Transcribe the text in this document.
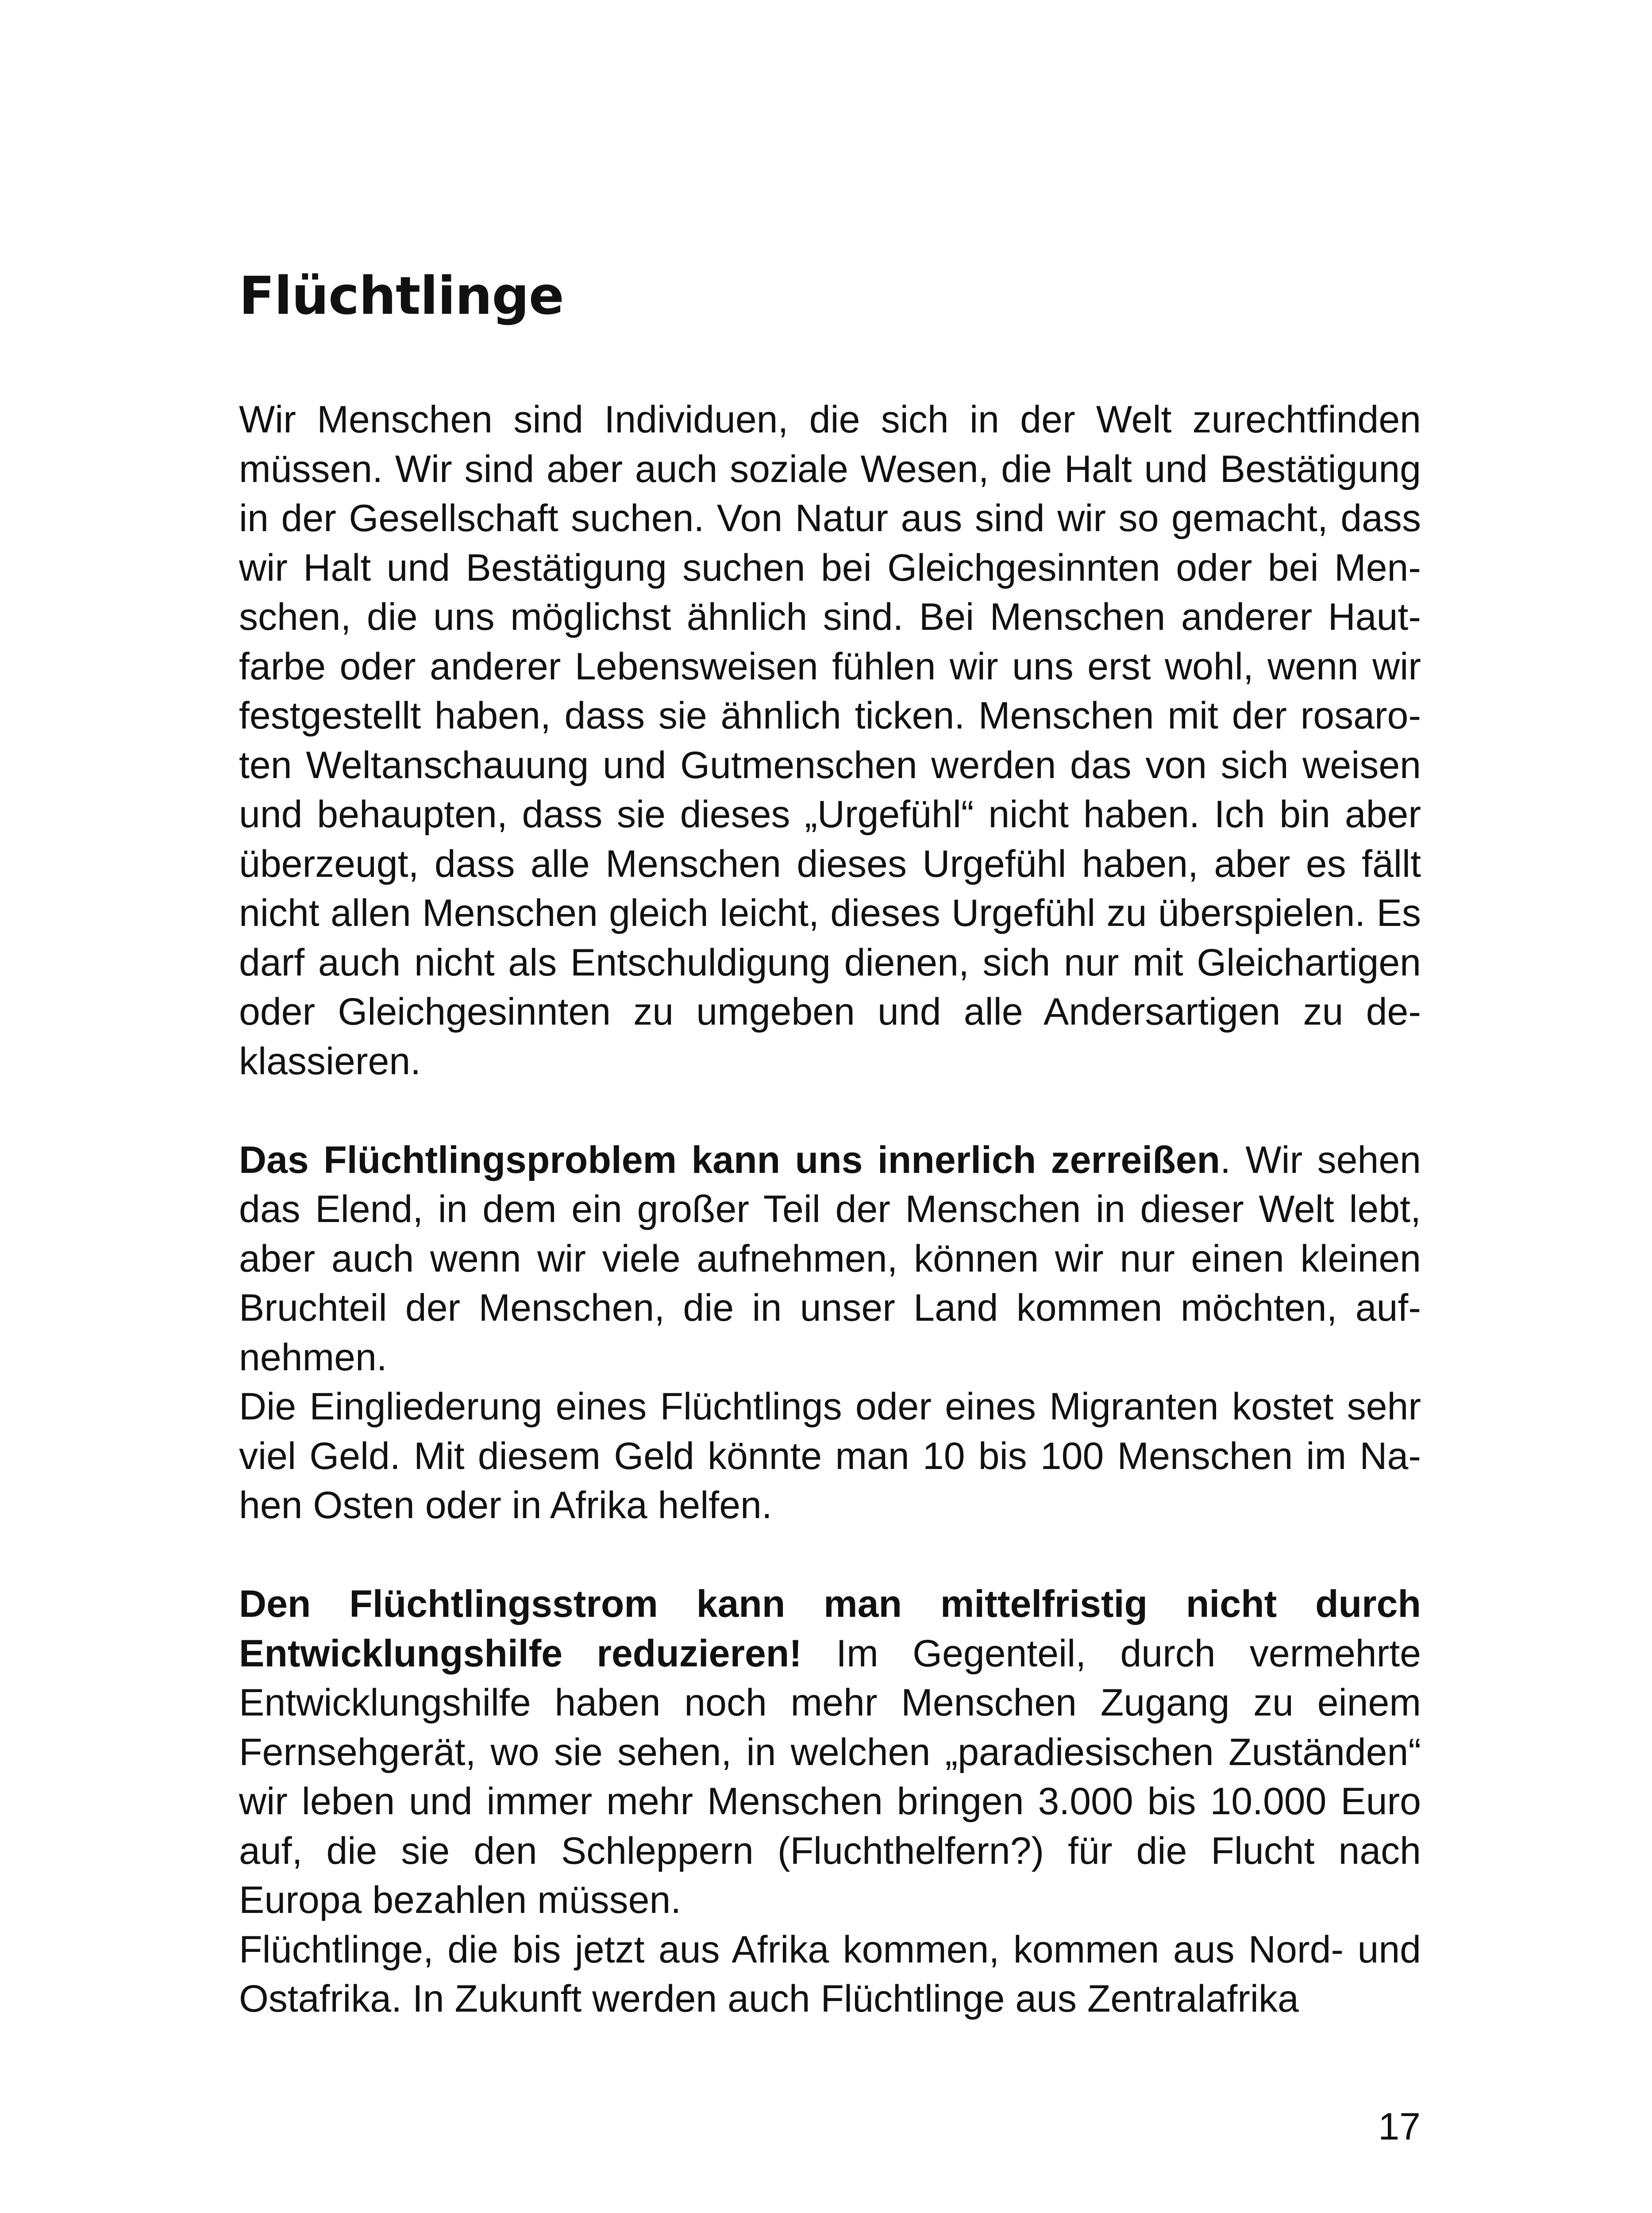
Flüchtlinge

Wir Menschen sind Individuen, die sich in der Welt zurechtfinden müssen. Wir sind aber auch soziale Wesen, die Halt und Bestätigung in der Gesellschaft suchen. Von Natur aus sind wir so gemacht, dass wir Halt und Bestätigung suchen bei Gleichgesinnten oder bei Menschen, die uns möglichst ähnlich sind. Bei Menschen anderer Hautfarbe oder anderer Lebensweisen fühlen wir uns erst wohl, wenn wir festgestellt haben, dass sie ähnlich ticken. Menschen mit der rosaroten Weltanschauung und Gutmenschen werden das von sich weisen und behaupten, dass sie dieses „Urgefühl“ nicht haben. Ich bin aber überzeugt, dass alle Menschen dieses Urgefühl haben, aber es fällt nicht allen Menschen gleich leicht, dieses Urgefühl zu überspielen. Es darf auch nicht als Entschuldigung dienen, sich nur mit Gleichartigen oder Gleichgesinnten zu umgeben und alle Andersartigen zu deklassieren.

Das Flüchtlingsproblem kann uns innerlich zerreißen. Wir sehen das Elend, in dem ein großer Teil der Menschen in dieser Welt lebt, aber auch wenn wir viele aufnehmen, können wir nur einen kleinen Bruchteil der Menschen, die in unser Land kommen möchten, aufnehmen.

Die Eingliederung eines Flüchtlings oder eines Migranten kostet sehr viel Geld. Mit diesem Geld könnte man 10 bis 100 Menschen im Nahen Osten oder in Afrika helfen.

Den Flüchtlingsstrom kann man mittelfristig nicht durch Entwicklungshilfe reduzieren! Im Gegenteil, durch vermehrte Entwicklungshilfe haben noch mehr Menschen Zugang zu einem Fernsehgerät, wo sie sehen, in welchen „paradiesischen Zuständen“ wir leben und immer mehr Menschen bringen 3.000 bis 10.000 Euro auf, die sie den Schleppern (Fluchthelfern?) für die Flucht nach Europa bezahlen müssen.

Flüchtlinge, die bis jetzt aus Afrika kommen, kommen aus Nord- und Ostafrika. In Zukunft werden auch Flüchtlinge aus Zentralafrika

17
